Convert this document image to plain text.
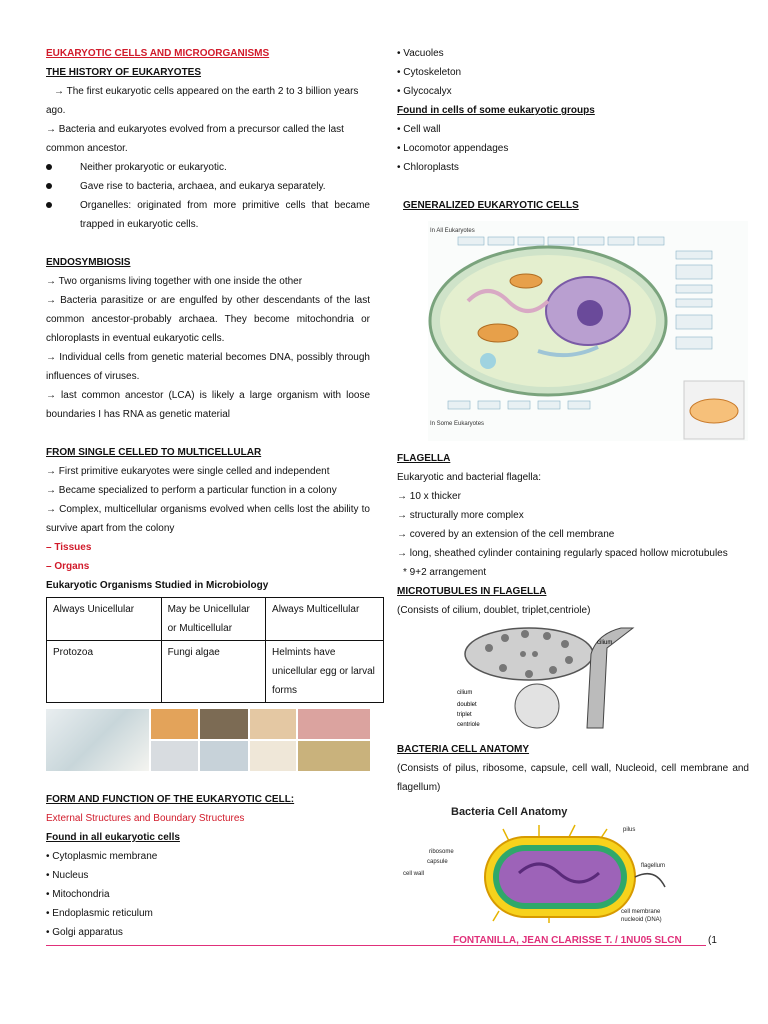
EUKARYOTIC CELLS AND MICROORGANISMS
THE HISTORY OF EUKARYOTES
→ The first eukaryotic cells appeared on the earth 2 to 3 billion years ago.
→ Bacteria and eukaryotes evolved from a precursor called the last common ancestor.
Neither prokaryotic or eukaryotic.
Gave rise to bacteria, archaea, and eukarya separately.
Organelles: originated from more primitive cells that became trapped in eukaryotic cells.
ENDOSYMBIOSIS
→ Two organisms living together with one inside the other
→ Bacteria parasitize or are engulfed by other descendants of the last common ancestor-probably archaea. They become mitochondria or chloroplasts in eventual eukaryotic cells.
→ Individual cells from genetic material becomes DNA, possibly through influences of viruses.
→ last common ancestor (LCA) is likely a large organism with loose boundaries I has RNA as genetic material
FROM SINGLE CELLED TO MULTICELLULAR
→ First primitive eukaryotes were single celled and independent
→ Became specialized to perform a particular function in a colony
→ Complex, multicellular organisms evolved when cells lost the ability to survive apart from the colony
– Tissues
– Organs
Eukaryotic Organisms Studied in Microbiology
Always Unicellular	May be Unicellular or Multicellular	Always Multicellular
Protozoa	Fungi algae	Helmints have unicellular egg or larval forms
FORM AND FUNCTION OF THE EUKARYOTIC CELL:
External Structures and Boundary Structures
Found in all eukaryotic cells
• Cytoplasmic membrane
• Nucleus
• Mitochondria
• Endoplasmic reticulum
• Golgi apparatus
• Vacuoles
• Cytoskeleton
• Glycocalyx
Found in cells of some eukaryotic groups
• Cell wall
• Locomotor appendages
• Chloroplasts
GENERALIZED EUKARYOTIC CELLS
In All Eukaryotes
In Some Eukaryotes
FLAGELLA
Eukaryotic and bacterial flagella:
→ 10 x thicker
→ structurally more complex
→ covered by an extension of the cell membrane
→ long, sheathed cylinder containing regularly spaced hollow microtubules
* 9+2 arrangement
MICROTUBULES IN FLAGELLA
(Consists of cilium, doublet, triplet,centriole)
cilium
cilium
doublet
triplet
centriole
BACTERIA CELL ANATOMY
(Consists of pilus, ribosome, capsule, cell wall, Nucleoid, cell membrane and flagellum)
Bacteria Cell Anatomy
pilus
ribosome
capsule
cell wall
flagellum
nucleoid (DNA)
cell membrane
FONTANILLA, JEAN CLARISSE T. / 1NU05 SLCN	(1
